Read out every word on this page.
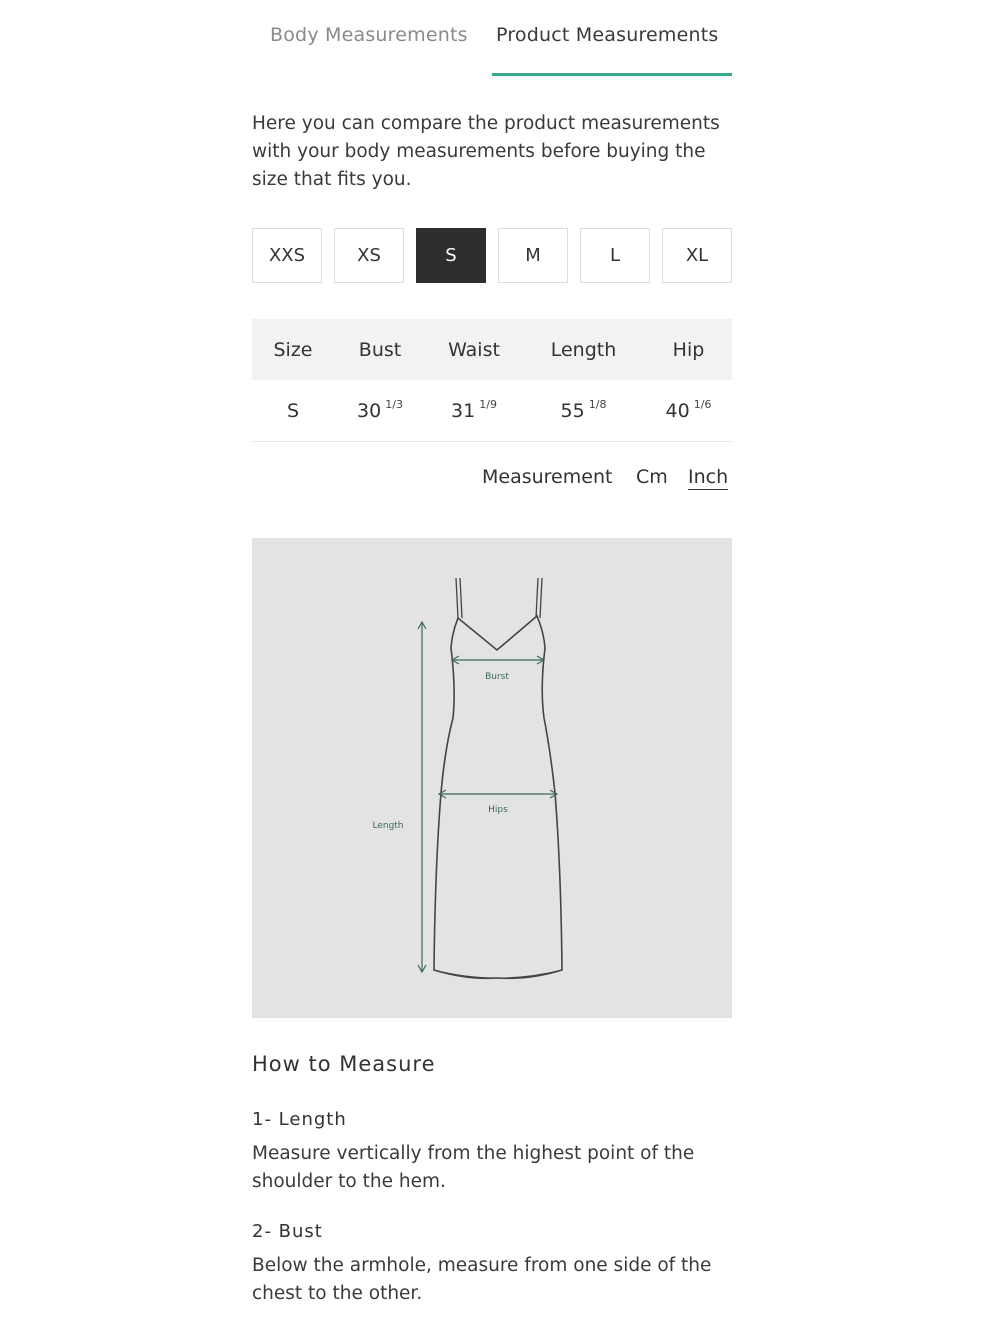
Body Measurements Product Measurements

Here you can compare the product measurements with your body measurements before buying the size that fits you.

XXS	XS	S	M	L	XL
Size	Bust	Waist	Length	Hip
S	30 $^{1/3}$	31 $^{1/9}$	55 $^{1/8}$	40 $^{1/6}$
Measurement Cm Inch
Burst
Hips
Length
How to Measure
1- Length

Measure vertically from the highest point of the shoulder to the hem.

2- Bust

Below the armhole, measure from one side of the chest to the other.
